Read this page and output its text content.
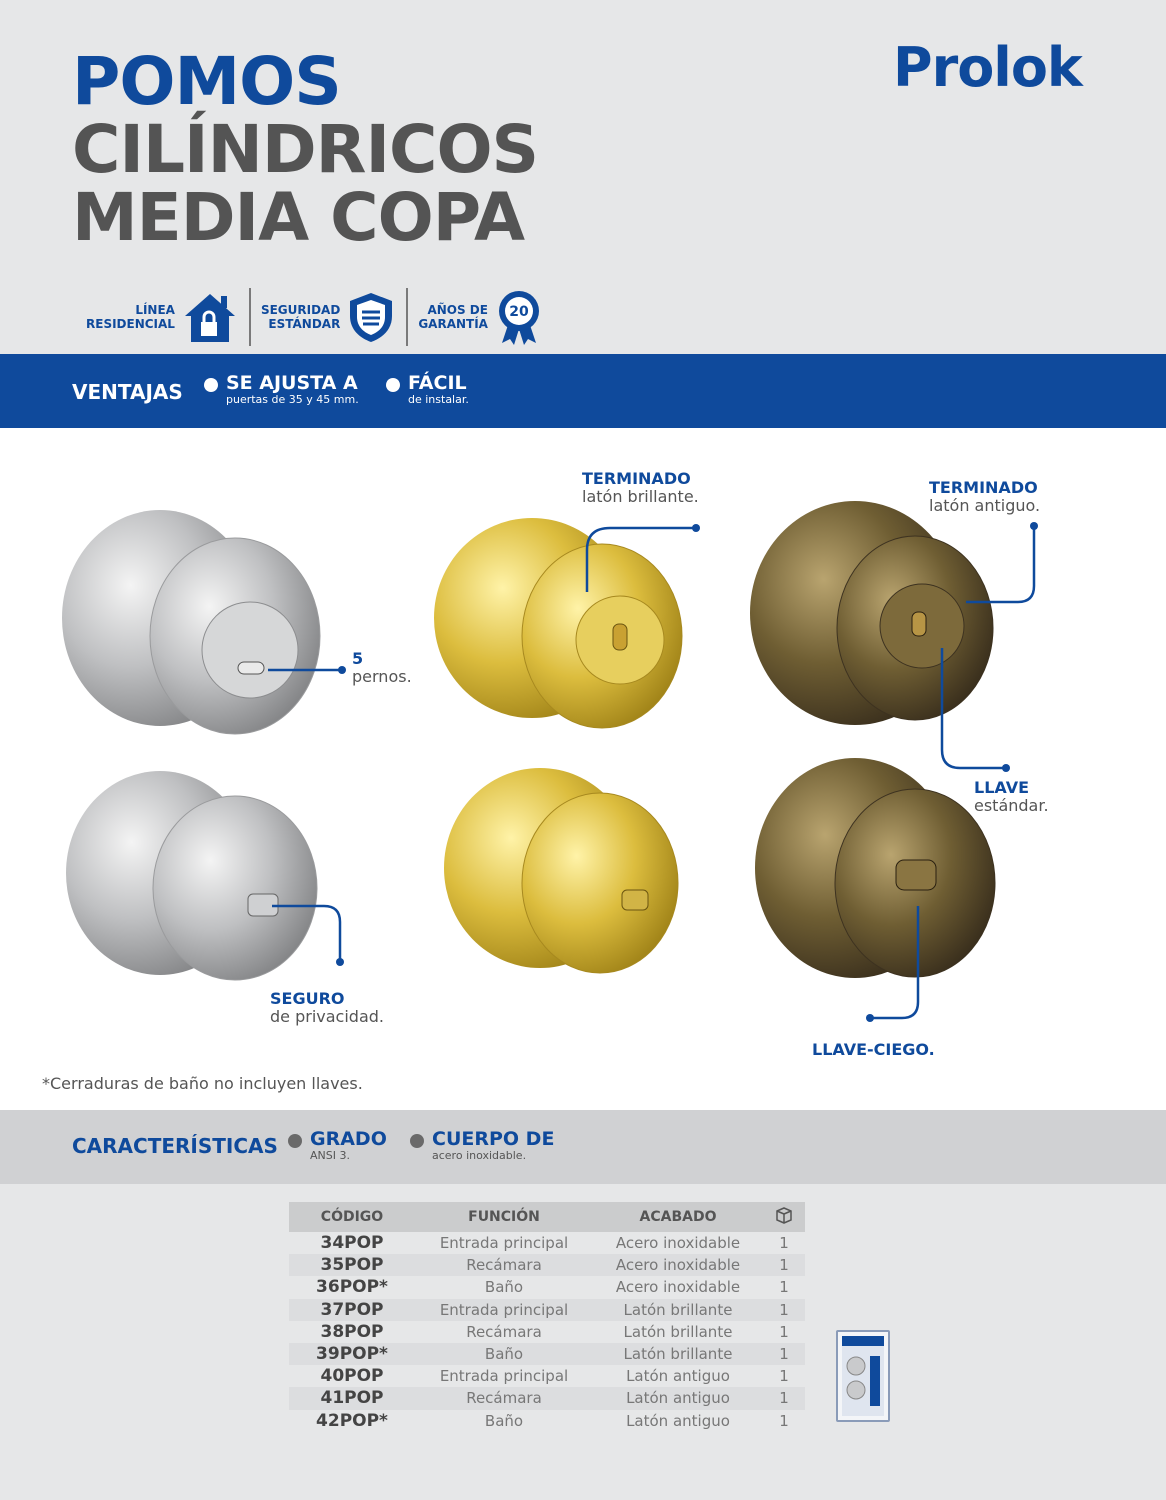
POMOS
CILÍNDRICOS
MEDIA COPA
Prolok
LÍNEA
RESIDENCIAL
SEGURIDAD
ESTÁNDAR
AÑOS DE
GARANTÍA
20
VENTAJAS SE AJUSTA A
puertas de 35 y 45 mm.
FÁCIL
de instalar.
5
pernos.
TERMINADO
latón brillante.	TERMINADO
latón antiguo.
LLAVE
estándar.
SEGURO
de privacidad.
LLAVE-CIEGO.
*Cerraduras de baño no incluyen llaves.
CARACTERÍSTICAS GRADO
ANSI 3.
CUERPO DE
acero inoxidable.
CÓDIGO	FUNCIÓN	ACABADO	
34POP	Entrada principal	Acero inoxidable	1
35POP	Recámara	Acero inoxidable	1
36POP*	Baño	Acero inoxidable	1
37POP	Entrada principal	Latón brillante	1
38POP	Recámara	Latón brillante	1
39POP*	Baño	Latón brillante	1
40POP	Entrada principal	Latón antiguo	1
41POP	Recámara	Latón antiguo	1
42POP*	Baño	Latón antiguo	1
